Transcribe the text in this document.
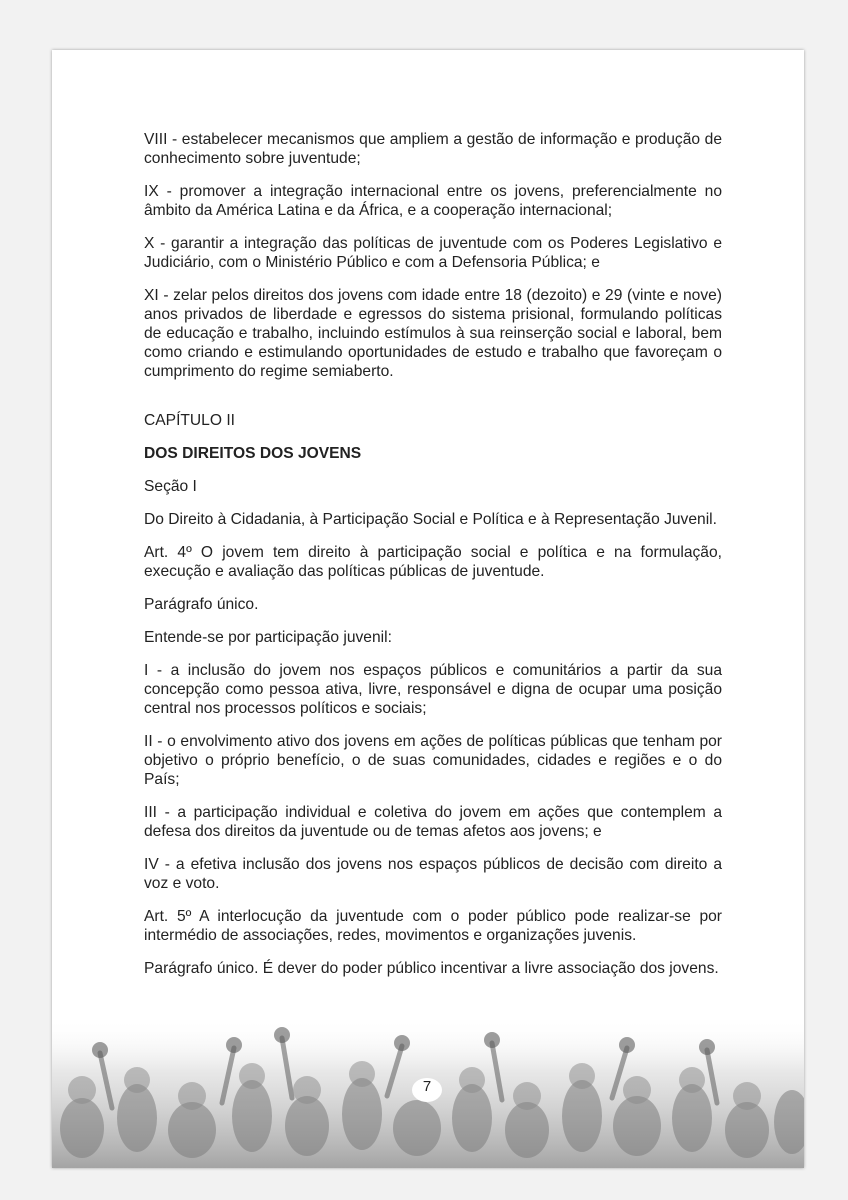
VIII - estabelecer mecanismos que ampliem a gestão de informação e produção de conhecimento sobre juventude;

IX - promover a integração internacional entre os jovens, preferencialmente no âmbito da América Latina e da África, e a cooperação internacional;

X - garantir a integração das políticas de juventude com os Poderes Legislativo e Judiciário, com o Ministério Público e com a Defensoria Pública; e

XI - zelar pelos direitos dos jovens com idade entre 18 (dezoito) e 29 (vinte e nove) anos privados de liberdade e egressos do sistema prisional, formulando políticas de educação e trabalho, incluindo estímulos à sua reinserção social e laboral, bem como criando e estimulando oportunidades de estudo e trabalho que favoreçam o cumprimento do regime semiaberto.

CAPÍTULO II

DOS DIREITOS DOS JOVENS

Seção I

Do Direito à Cidadania, à Participação Social e Política e à Representação Juvenil.

Art. 4º O jovem tem direito à participação social e política e na formulação, execução e avaliação das políticas públicas de juventude.

Parágrafo único.

Entende-se por participação juvenil:

I - a inclusão do jovem nos espaços públicos e comunitários a partir da sua concepção como pessoa ativa, livre, responsável e digna de ocupar uma posição central nos processos políticos e sociais;

II - o envolvimento ativo dos jovens em ações de políticas públicas que tenham por objetivo o próprio benefício, o de suas comunidades, cidades e regiões e o do País;

III - a participação individual e coletiva do jovem em ações que contemplem a defesa dos direitos da juventude ou de temas afetos aos jovens; e

IV - a efetiva inclusão dos jovens nos espaços públicos de decisão com direito a voz e voto.

Art. 5º A interlocução da juventude com o poder público pode realizar-se por intermédio de associações, redes, movimentos e organizações juvenis.

Parágrafo único. É dever do poder público incentivar a livre associação dos jovens.

7
